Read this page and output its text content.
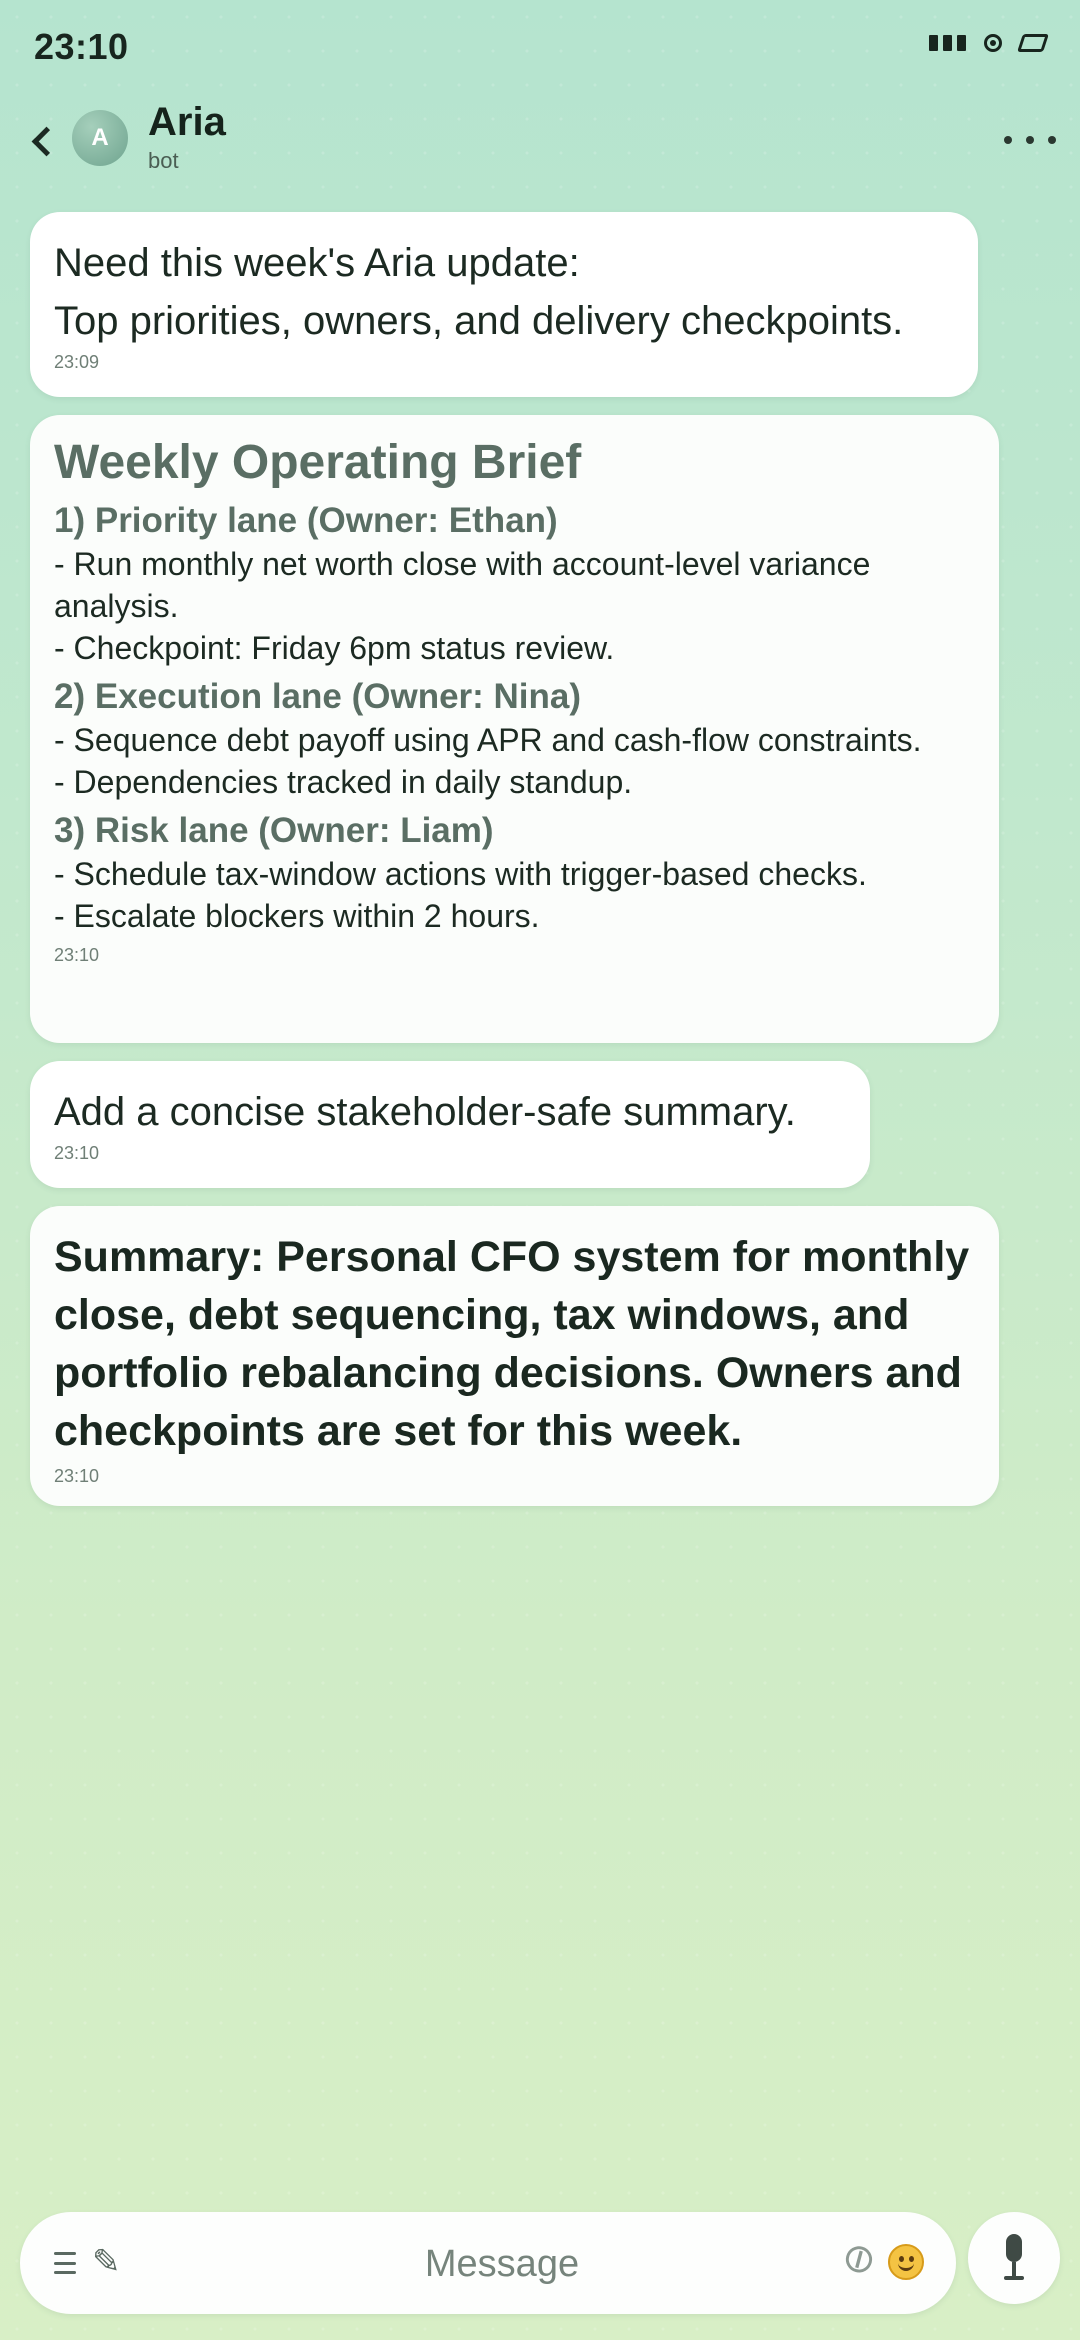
23:10
A Aria
bot
Need this week's Aria update:
Top priorities, owners, and delivery checkpoints.
23:09
Weekly Operating Brief
1) Priority lane (Owner: Ethan)
- Run monthly net worth close with account-level variance analysis.
- Checkpoint: Friday 6pm status review.
2) Execution lane (Owner: Nina)
- Sequence debt payoff using APR and cash-flow constraints.
- Dependencies tracked in daily standup.
3) Risk lane (Owner: Liam)
- Schedule tax-window actions with trigger-based checks.
- Escalate blockers within 2 hours.
23:10
Add a concise stakeholder-safe summary.
23:10
Summary: Personal CFO system for monthly close, debt sequencing, tax windows, and portfolio rebalancing decisions. Owners and checkpoints are set for this week.
23:10
✎
Message	⊘
